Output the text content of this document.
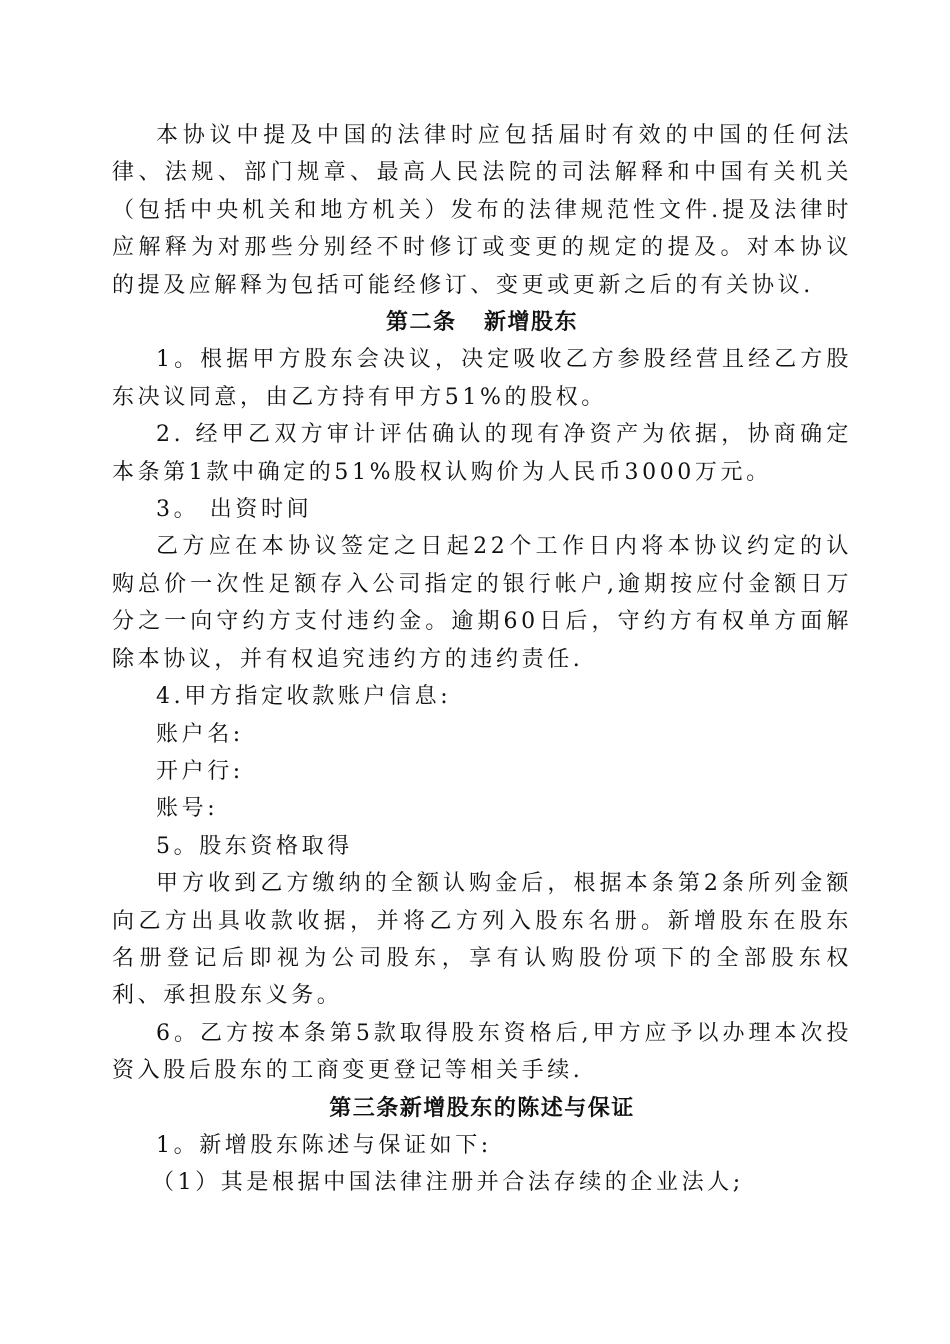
本协议中提及中国的法律时应包括届时有效的中国的任何法律、法规、部门规章、最高人民法院的司法解释和中国有关机关（包括中央机关和地方机关）发布的法律规范性文件.提及法律时应解释为对那些分别经不时修订或变更的规定的提及。对本协议的提及应解释为包括可能经修订、变更或更新之后的有关协议.

第二条   新增股东

1。根据甲方股东会决议，决定吸收乙方参股经营且经乙方股东决议同意，由乙方持有甲方51%的股权。

2. 经甲乙双方审计评估确认的现有净资产为依据，协商确定本条第1款中确定的51%股权认购价为人民币3000万元。

3。 出资时间

乙方应在本协议签定之日起22个工作日内将本协议约定的认购总价一次性足额存入公司指定的银行帐户,逾期按应付金额日万分之一向守约方支付违约金。逾期60日后，守约方有权单方面解除本协议，并有权追究违约方的违约责任.

4.甲方指定收款账户信息:

账户名:

开户行:

账号:

5。股东资格取得

甲方收到乙方缴纳的全额认购金后，根据本条第2条所列金额向乙方出具收款收据，并将乙方列入股东名册。新增股东在股东名册登记后即视为公司股东，享有认购股份项下的全部股东权利、承担股东义务。

6。乙方按本条第5款取得股东资格后,甲方应予以办理本次投资入股后股东的工商变更登记等相关手续.

第三条新增股东的陈述与保证

1。新增股东陈述与保证如下:

（1）其是根据中国法律注册并合法存续的企业法人;
